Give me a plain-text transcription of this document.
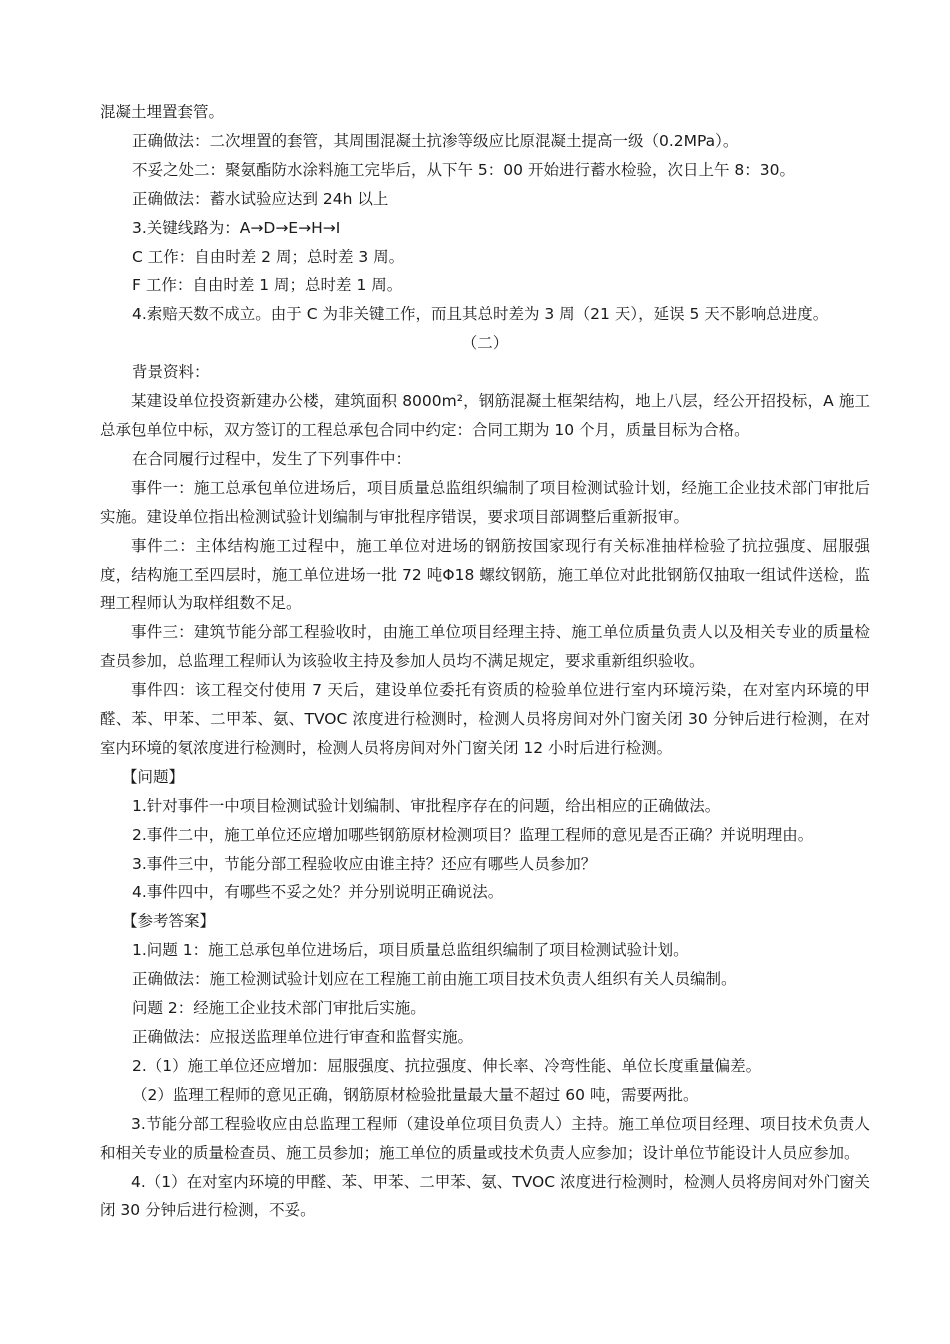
混凝土埋置套管。

正确做法：二次埋置的套管，其周围混凝土抗渗等级应比原混凝土提高一级（0.2MPa）。

不妥之处二：聚氨酯防水涂料施工完毕后，从下午 5：00 开始进行蓄水检验，次日上午 8：30。

正确做法：蓄水试验应达到 24h 以上

3.关键线路为：A→D→E→H→I

C 工作：自由时差 2 周；总时差 3 周。

F 工作：自由时差 1 周；总时差 1 周。

4.索赔天数不成立。由于 C 为非关键工作，而且其总时差为 3 周（21 天），延误 5 天不影响总进度。

（二）

背景资料：

某建设单位投资新建办公楼，建筑面积 8000m²，钢筋混凝土框架结构，地上八层，经公开招投标，A 施工总承包单位中标，双方签订的工程总承包合同中约定：合同工期为 10 个月，质量目标为合格。

在合同履行过程中，发生了下列事件中：

事件一：施工总承包单位进场后，项目质量总监组织编制了项目检测试验计划，经施工企业技术部门审批后实施。建设单位指出检测试验计划编制与审批程序错误，要求项目部调整后重新报审。

事件二：主体结构施工过程中，施工单位对进场的钢筋按国家现行有关标准抽样检验了抗拉强度、屈服强度，结构施工至四层时，施工单位进场一批 72 吨Φ18 螺纹钢筋，施工单位对此批钢筋仅抽取一组试件送检，监理工程师认为取样组数不足。

事件三：建筑节能分部工程验收时，由施工单位项目经理主持、施工单位质量负责人以及相关专业的质量检查员参加，总监理工程师认为该验收主持及参加人员均不满足规定，要求重新组织验收。

事件四：该工程交付使用 7 天后，建设单位委托有资质的检验单位进行室内环境污染，在对室内环境的甲醛、苯、甲苯、二甲苯、氨、TVOC 浓度进行检测时，检测人员将房间对外门窗关闭 30 分钟后进行检测，在对室内环境的氡浓度进行检测时，检测人员将房间对外门窗关闭 12 小时后进行检测。

【问题】

1.针对事件一中项目检测试验计划编制、审批程序存在的问题，给出相应的正确做法。

2.事件二中，施工单位还应增加哪些钢筋原材检测项目？监理工程师的意见是否正确？并说明理由。

3.事件三中，节能分部工程验收应由谁主持？还应有哪些人员参加？

4.事件四中，有哪些不妥之处？并分别说明正确说法。

【参考答案】

1.问题 1：施工总承包单位进场后，项目质量总监组织编制了项目检测试验计划。

正确做法：施工检测试验计划应在工程施工前由施工项目技术负责人组织有关人员编制。

问题 2：经施工企业技术部门审批后实施。

正确做法：应报送监理单位进行审查和监督实施。

2.（1）施工单位还应增加：屈服强度、抗拉强度、伸长率、冷弯性能、单位长度重量偏差。

（2）监理工程师的意见正确，钢筋原材检验批量最大量不超过 60 吨，需要两批。

3.节能分部工程验收应由总监理工程师（建设单位项目负责人）主持。施工单位项目经理、项目技术负责人和相关专业的质量检查员、施工员参加；施工单位的质量或技术负责人应参加；设计单位节能设计人员应参加。

4.（1）在对室内环境的甲醛、苯、甲苯、二甲苯、氨、TVOC 浓度进行检测时，检测人员将房间对外门窗关闭 30 分钟后进行检测，不妥。
